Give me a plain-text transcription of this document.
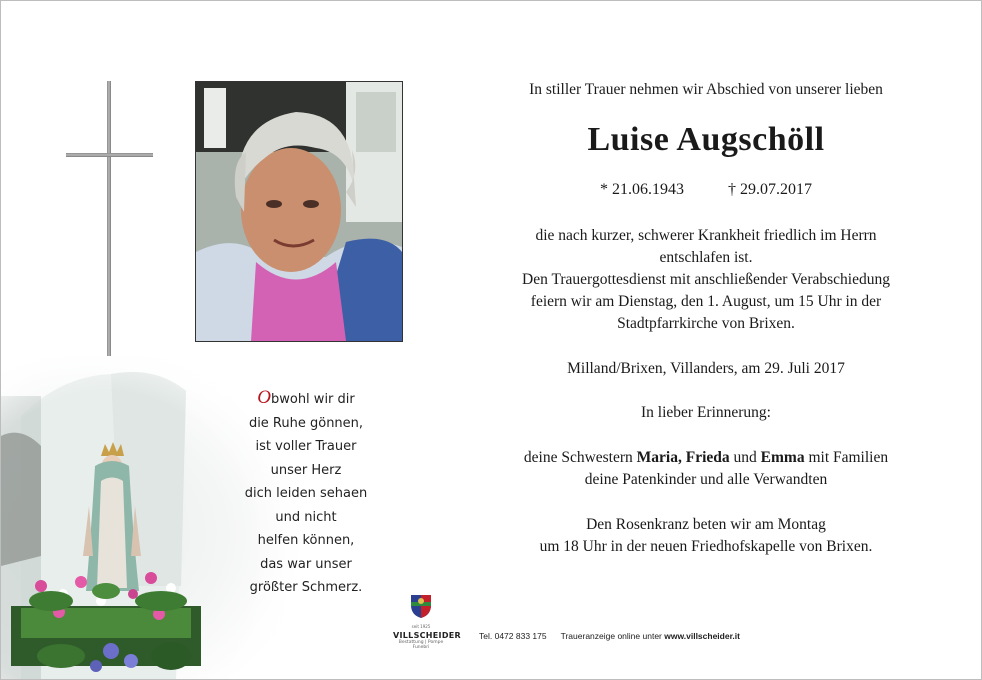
Obwohl wir dir
die Ruhe gönnen,
ist voller Trauer
unser Herz
dich leiden sehaen
und nicht
helfen können,
das war unser
größter Schmerz.

In stiller Trauer nehmen wir Abschied von unserer lieben

Luise Augschöll

* 21.06.1943	† 29.07.2017

die nach kurzer, schwerer Krankheit friedlich im Herrn
entschlafen ist.
Den Trauergottesdienst mit anschließender Verabschiedung
feiern wir am Dienstag, den 1. August, um 15 Uhr in der
Stadtpfarrkirche von Brixen.

Milland/Brixen, Villanders, am 29. Juli 2017

In lieber Erinnerung:

deine Schwestern Maria, Frieda und Emma mit Familien
deine Patenkinder und alle Verwandten

Den Rosenkranz beten wir am Montag
um 18 Uhr in der neuen Friedhofskapelle von Brixen.

seit 1925
VILLSCHEIDER
Bestattung | Pompe Funebri
Tel. 0472 833 175 Traueranzeige online unter www.villscheider.it
